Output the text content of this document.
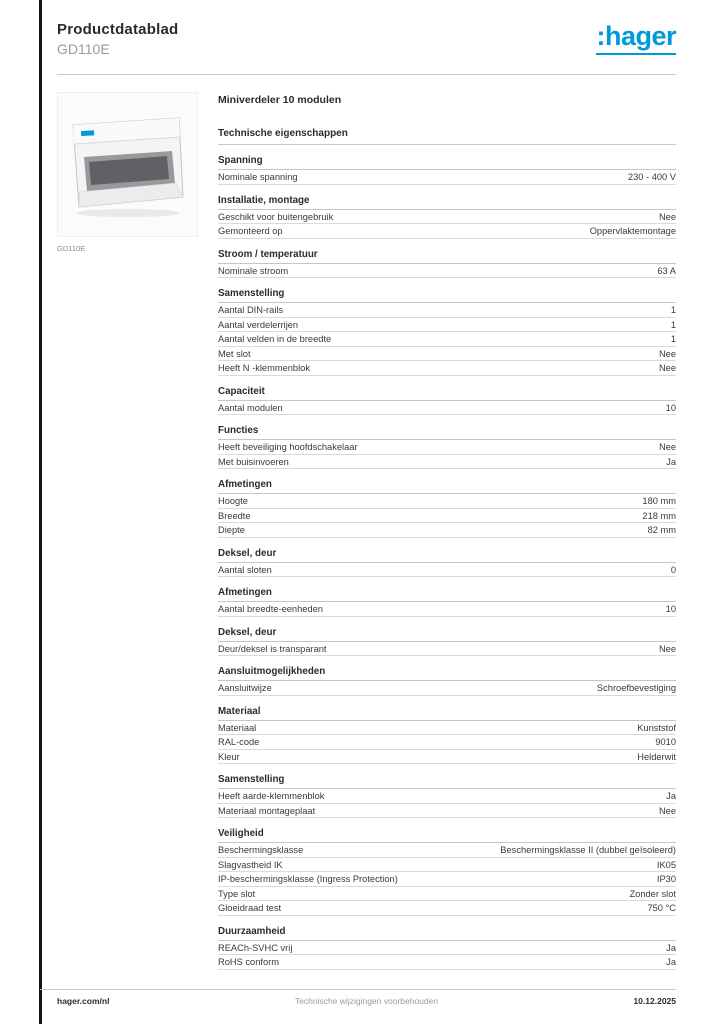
Productdatablad
GD110E	:hager
GD110E
Miniverdeler 10 modulen
Technische eigenschappen
Spanning
Nominale spanning	230 - 400 V
Installatie, montage
Geschikt voor buitengebruik	Nee
Gemonteerd op	Oppervlaktemontage
Stroom / temperatuur
Nominale stroom	63 A
Samenstelling
Aantal DIN-rails	1
Aantal verdelerrijen	1
Aantal velden in de breedte	1
Met slot	Nee
Heeft N -klemmenblok	Nee
Capaciteit
Aantal modulen	10
Functies
Heeft beveiliging hoofdschakelaar	Nee
Met buisinvoeren	Ja
Afmetingen
Hoogte	180 mm
Breedte	218 mm
Diepte	82 mm
Deksel, deur
Aantal sloten	0
Afmetingen
Aantal breedte-eenheden	10
Deksel, deur
Deur/deksel is transparant	Nee
Aansluitmogelijkheden
Aansluitwijze	Schroefbevestiging
Materiaal
Materiaal	Kunststof
RAL-code	9010
Kleur	Helderwit
Samenstelling
Heeft aarde-klemmenblok	Ja
Materiaal montageplaat	Nee
Veiligheid
Beschermingsklasse	Beschermingsklasse II (dubbel geïsoleerd)
Slagvastheid IK	IK05
IP-beschermingsklasse (Ingress Protection)	IP30
Type slot	Zonder slot
Gloeidraad test	750 °C
Duurzaamheid
REACh-SVHC vrij	Ja
RoHS conform	Ja
hager.com/nl	Technische wijzigingen voorbehouden	10.12.2025
